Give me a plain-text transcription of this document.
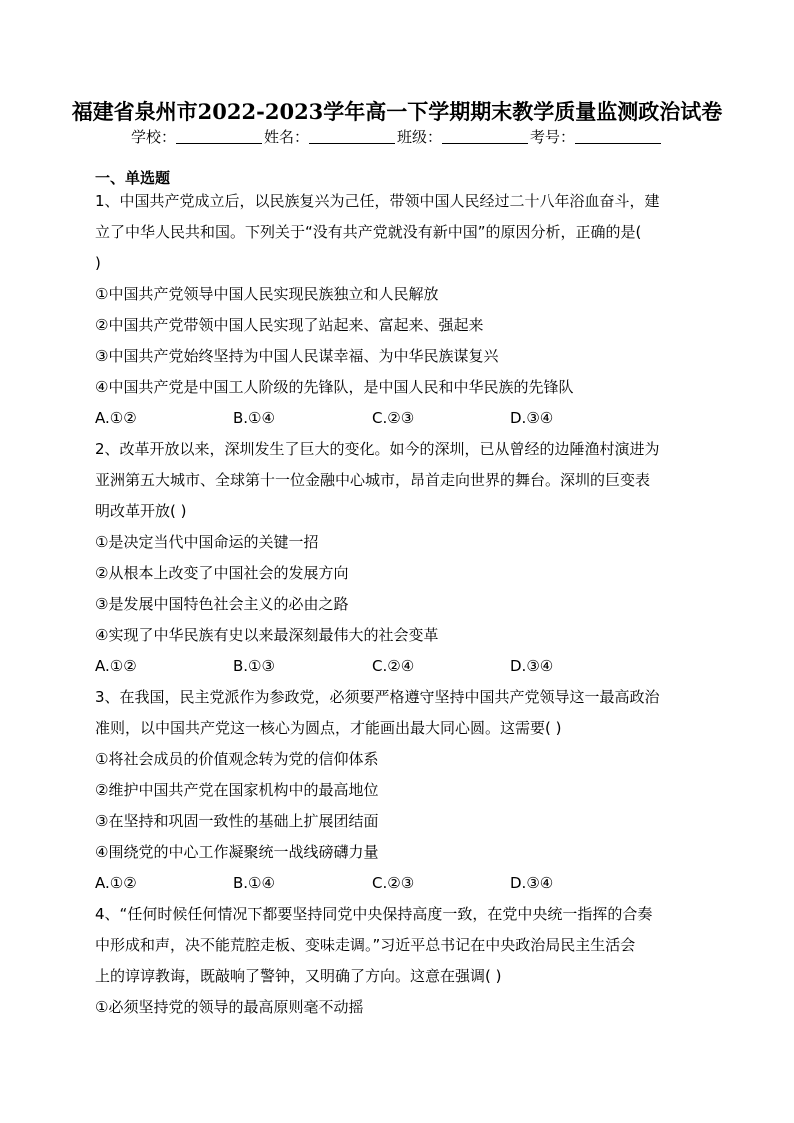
福建省泉州市2022-2023学年高一下学期期末教学质量监测政治试卷
学校：	姓名：	班级：	考号：
一、单选题
1、中国共产党成立后，以民族复兴为己任，带领中国人民经过二十八年浴血奋斗，建
立了中华人民共和国。下列关于“没有共产党就没有新中国”的原因分析，正确的是(
)
①中国共产党领导中国人民实现民族独立和人民解放
②中国共产党带领中国人民实现了站起来、富起来、强起来
③中国共产党始终坚持为中国人民谋幸福、为中华民族谋复兴
④中国共产党是中国工人阶级的先锋队，是中国人民和中华民族的先锋队
A.①②	B.①④	C.②③	D.③④
2、改革开放以来，深圳发生了巨大的变化。如今的深圳，已从曾经的边陲渔村演进为
亚洲第五大城市、全球第十一位金融中心城市，昂首走向世界的舞台。深圳的巨变表
明改革开放( )
①是决定当代中国命运的关键一招
②从根本上改变了中国社会的发展方向
③是发展中国特色社会主义的必由之路
④实现了中华民族有史以来最深刻最伟大的社会变革
A.①②	B.①③	C.②④	D.③④
3、在我国，民主党派作为参政党，必须要严格遵守坚持中国共产党领导这一最高政治
准则，以中国共产党这一核心为圆点，才能画出最大同心圆。这需要( )
①将社会成员的价值观念转为党的信仰体系
②维护中国共产党在国家机构中的最高地位
③在坚持和巩固一致性的基础上扩展团结面
④围绕党的中心工作凝聚统一战线磅礴力量
A.①②	B.①④	C.②③	D.③④
4、“任何时候任何情况下都要坚持同党中央保持高度一致，在党中央统一指挥的合奏
中形成和声，决不能荒腔走板、变味走调。”习近平总书记在中央政治局民主生活会
上的谆谆教诲，既敲响了警钟，又明确了方向。这意在强调( )
①必须坚持党的领导的最高原则毫不动摇
